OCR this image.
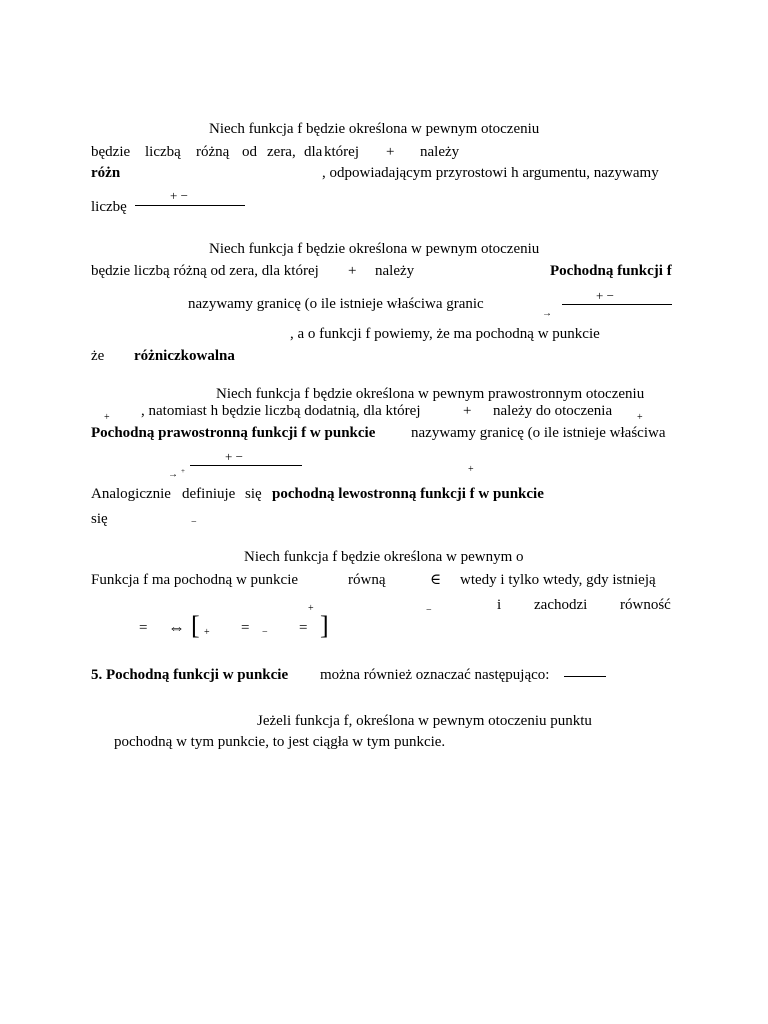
Niech funkcja f będzie określona w pewnym otoczeniu
będzie liczbą różną od zera, dla której + należy
różn	, odpowiadającym przyrostowi h argumentu, nazywamy
liczbę
+ −
Niech funkcja f będzie określona w pewnym otoczeniu
będzie liczbą różną od zera, dla której + należy	Pochodną funkcji f
+ −
nazywamy granicę (o ile istnieje właściwa granic
→
, a o funkcji f powiemy, że ma pochodną w punkcie
że różniczkowalna
Niech funkcja f będzie określona w pewnym prawostronnym otoczeniu
+ , natomiast h będzie liczbą dodatnią, dla której	+ należy do otoczenia +
Pochodną prawostronną funkcji f w punkcie nazywamy granicę (o ile istnieje właściwa
+ −
→ +	+
Analogicznie definiuje się pochodną lewostronną funkcji f w punkcie
się	−
Niech funkcja f będzie określona w pewnym o
Funkcja f ma pochodną w punkcie	równą	∈ wtedy i tylko wtedy, gdy istnieją
+	−	i zachodzi równość
= ⇔ [ + = − = ]
5. Pochodną funkcji w punkcie można również oznaczać następująco:
Jeżeli funkcja f, określona w pewnym otoczeniu punktu
pochodną w tym punkcie, to jest ciągła w tym punkcie.
